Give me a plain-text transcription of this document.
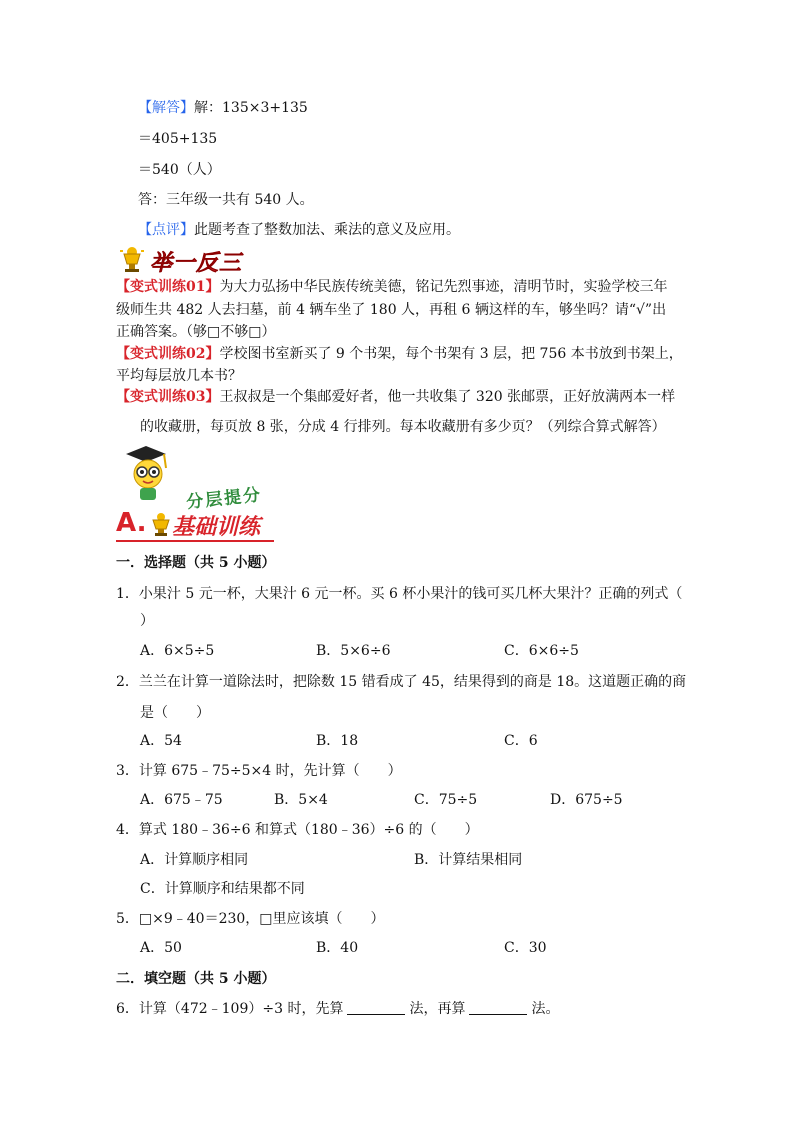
【解答】解：135×3+135
＝405+135
＝540（人）
答：三年级一共有 540 人。
【点评】此题考查了整数加法、乘法的意义及应用。
举一反三
【变式训练01】为大力弘扬中华民族传统美德，铭记先烈事迹，清明节时，实验学校三年
级师生共 482 人去扫墓，前 4 辆车坐了 180 人，再租 6 辆这样的车，够坐吗？请“√”出
正确答案。（够□不够□）
【变式训练02】学校图书室新买了 9 个书架，每个书架有 3 层，把 756 本书放到书架上，
平均每层放几本书？
【变式训练03】王叔叔是一个集邮爱好者，他一共收集了 320 张邮票，正好放满两本一样
的收藏册，每页放 8 张，分成 4 行排列。每本收藏册有多少页？（列综合算式解答）
分层提分
A. 基础训练
一．选择题（共 5 小题）
1．小果汁 5 元一杯，大果汁 6 元一杯。买 6 杯小果汁的钱可买几杯大果汁？正确的列式（
）
A．6×5÷5	B．5×6÷6	C．6×6÷5
2．兰兰在计算一道除法时，把除数 15 错看成了 45，结果得到的商是 18。这道题正确的商
是（　　）
A．54	B．18	C．6
3．计算 675﹣75÷5×4 时，先计算（　　）
A．675﹣75	B．5×4	C．75÷5	D．675÷5
4．算式 180﹣36÷6 和算式（180﹣36）÷6 的（　　）
A．计算顺序相同	B．计算结果相同
C．计算顺序和结果都不同
5．□×9﹣40＝230，□里应该填（　　）
A．50	B．40	C．30
二．填空题（共 5 小题）
6．计算（472﹣109）÷3 时，先算	法，再算	法。
